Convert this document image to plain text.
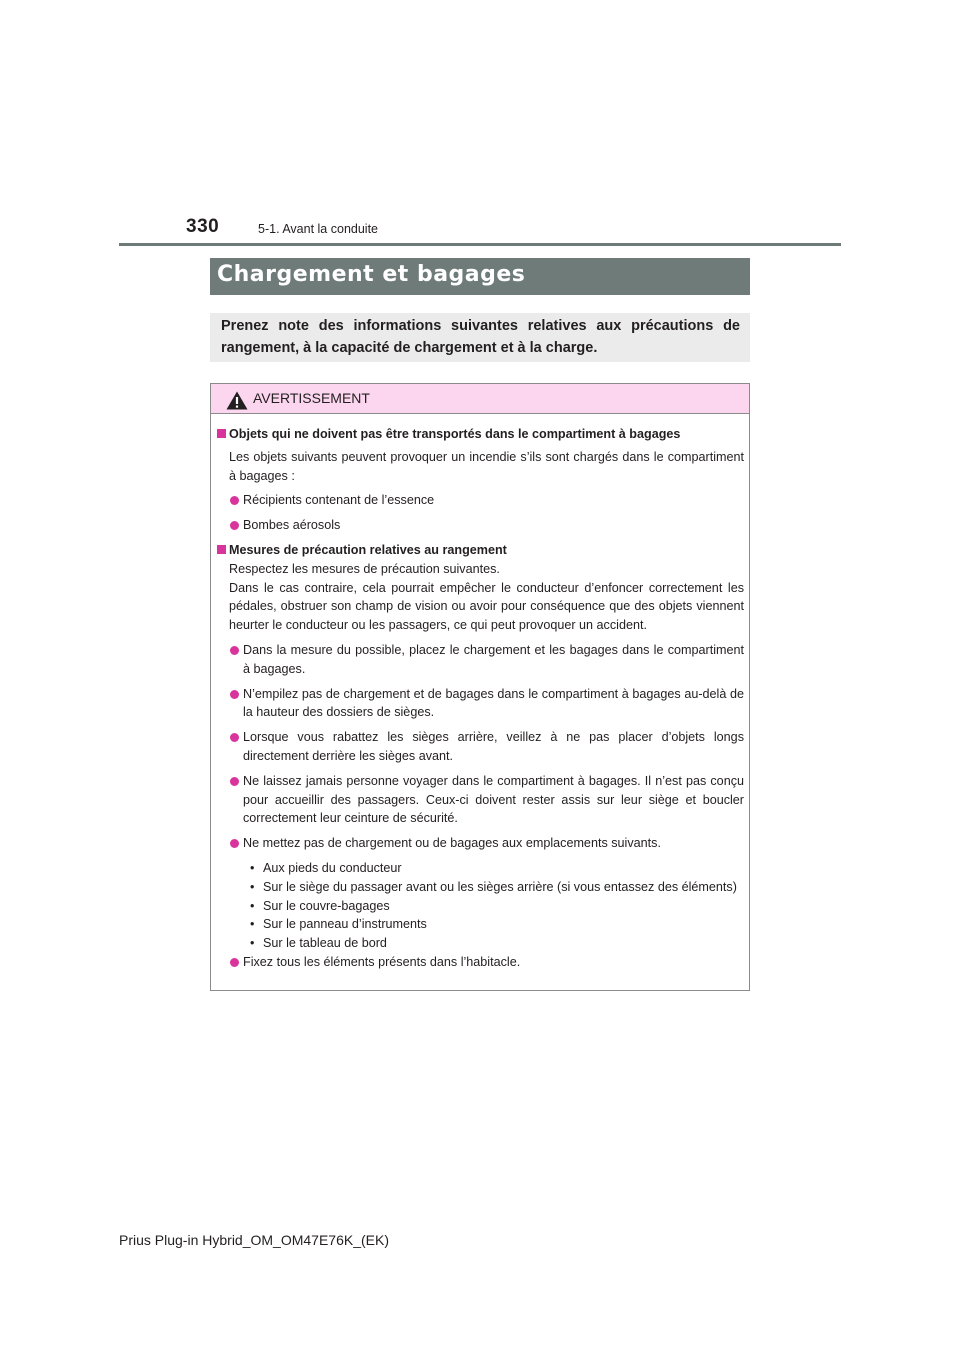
330	5-1. Avant la conduite
Chargement et bagages

Prenez note des informations suivantes relatives aux précautions de rangement, à la capacité de chargement et à la charge.

AVERTISSEMENT

Objets qui ne doivent pas être transportés dans le compartiment à bagages

Les objets suivants peuvent provoquer un incendie s’ils sont chargés dans le compartiment à bagages :

Récipients contenant de l’essence

Bombes aérosols

Mesures de précaution relatives au rangement

Respectez les mesures de précaution suivantes.

Dans le cas contraire, cela pourrait empêcher le conducteur d’enfoncer correctement les pédales, obstruer son champ de vision ou avoir pour conséquence que des objets viennent heurter le conducteur ou les passagers, ce qui peut provoquer un accident.

Dans la mesure du possible, placez le chargement et les bagages dans le compartiment à bagages.

N’empilez pas de chargement et de bagages dans le compartiment à bagages au-delà de la hauteur des dossiers de sièges.

Lorsque vous rabattez les sièges arrière, veillez à ne pas placer d’objets longs directement derrière les sièges avant.

Ne laissez jamais personne voyager dans le compartiment à bagages. Il n’est pas conçu pour accueillir des passagers. Ceux-ci doivent rester assis sur leur siège et boucler correctement leur ceinture de sécurité.

Ne mettez pas de chargement ou de bagages aux emplacements suivants.

• Aux pieds du conducteur

• Sur le siège du passager avant ou les sièges arrière (si vous entassez des éléments)

• Sur le couvre-bagages

• Sur le panneau d’instruments

• Sur le tableau de bord

Fixez tous les éléments présents dans l’habitacle.

Prius Plug-in Hybrid_OM_OM47E76K_(EK)
